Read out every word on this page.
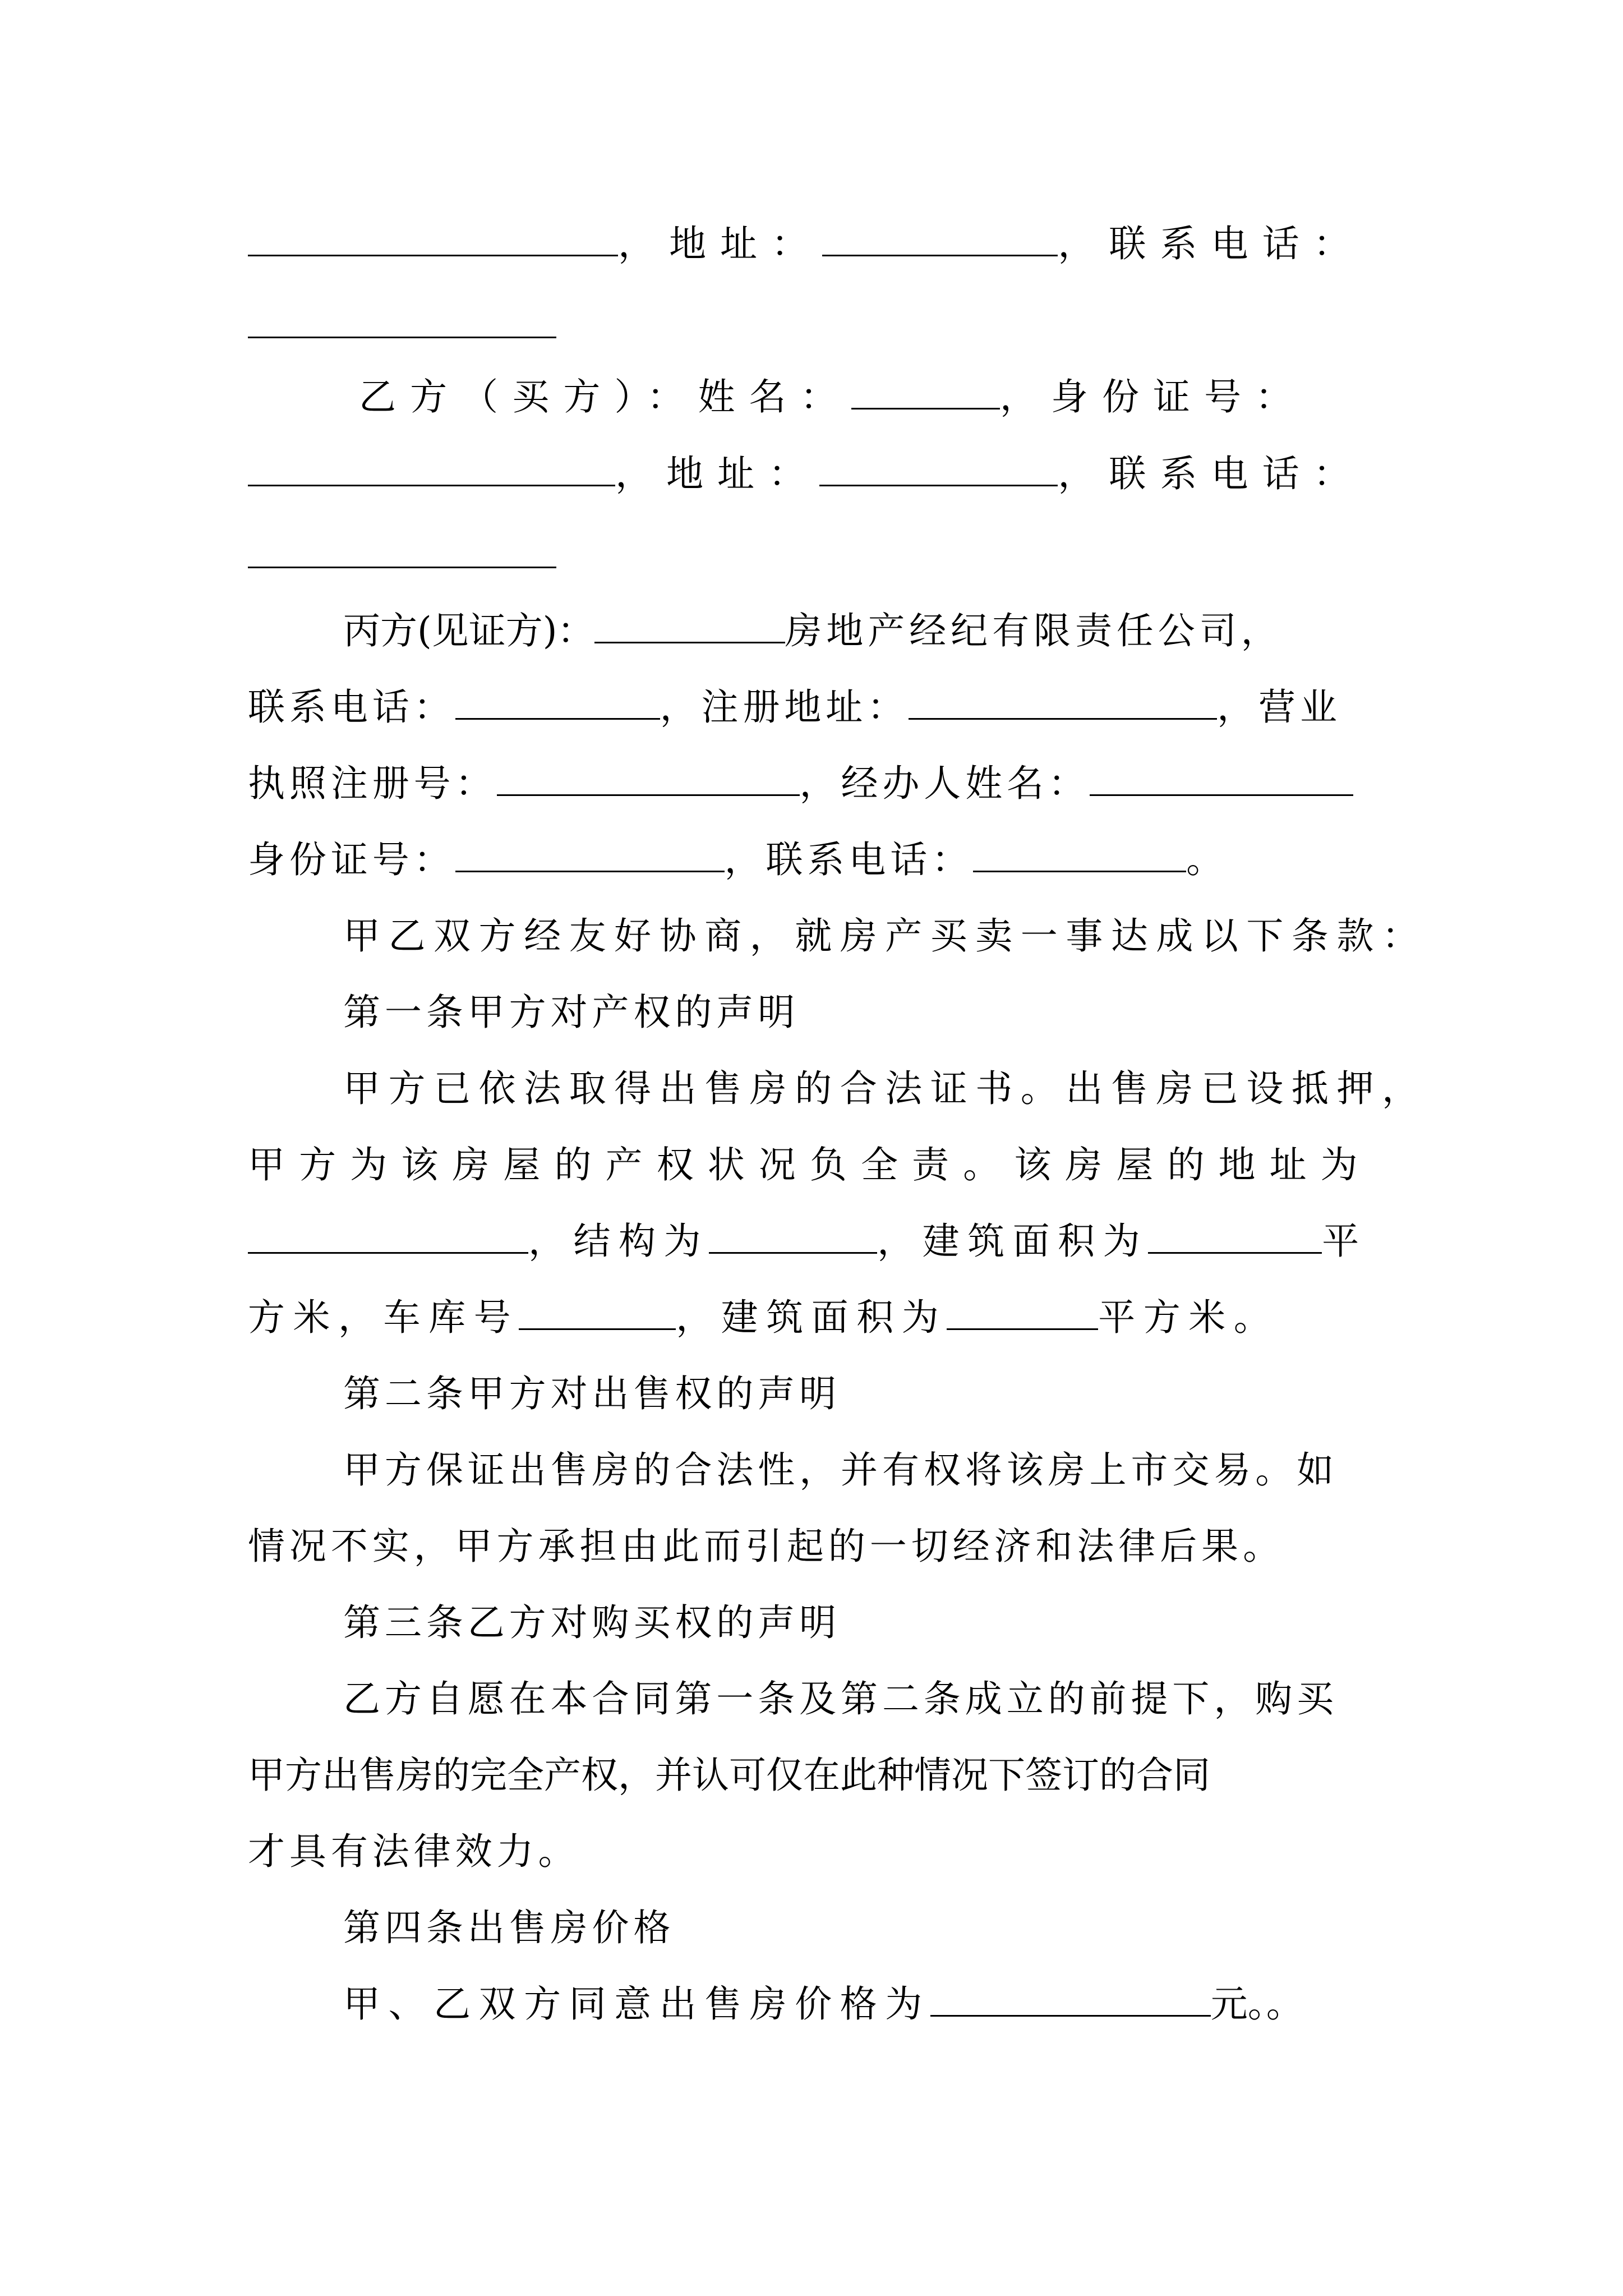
，地址：	，联系电话：
乙方（买方）：姓名：	，身份证号：
，地址：	，联系电话：
丙方(见证方)：	房地产经纪有限责任公司，
联系电话：	，注册地址：	，营业
执照注册号：	，经办人姓名：
身份证号：	，联系电话：	。
甲乙双方经友好协商，就房产买卖一事达成以下条款：
第一条甲方对产权的声明
甲方已依法取得出售房的合法证书。出售房已设抵押，
甲方为该房屋的产权状况负全责。该房屋的地址为
，结构为	，建筑面积为	平
方米，车库号	，建筑面积为	平方米。
第二条甲方对出售权的声明
甲方保证出售房的合法性，并有权将该房上市交易。如
情况不实，甲方承担由此而引起的一切经济和法律后果。
第三条乙方对购买权的声明
乙方自愿在本合同第一条及第二条成立的前提下，购买
甲方出售房的完全产权，并认可仅在此种情况下签订的合同
才具有法律效力。
第四条出售房价格
甲、乙双方同意出售房价格为	元。。
